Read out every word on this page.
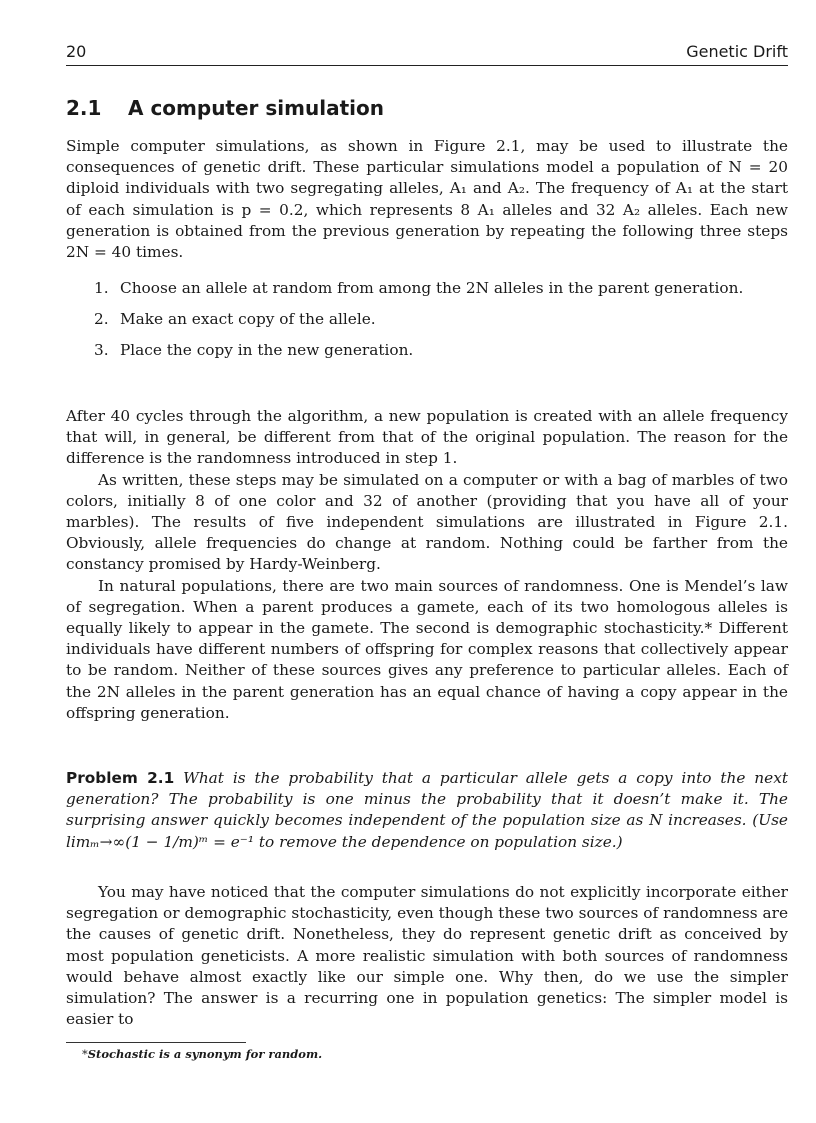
20	Genetic Drift
2.1 A computer simulation

Simple computer simulations, as shown in Figure 2.1, may be used to illustrate the consequences of genetic drift. These particular simulations model a population of N = 20 diploid individuals with two segregating alleles, A₁ and A₂. The frequency of A₁ at the start of each simulation is p = 0.2, which represents 8 A₁ alleles and 32 A₂ alleles. Each new generation is obtained from the previous generation by repeating the following three steps 2N = 40 times.

1. Choose an allele at random from among the 2N alleles in the parent generation.
2. Make an exact copy of the allele.
3. Place the copy in the new generation.

After 40 cycles through the algorithm, a new population is created with an allele frequency that will, in general, be different from that of the original population. The reason for the difference is the randomness introduced in step 1.

As written, these steps may be simulated on a computer or with a bag of marbles of two colors, initially 8 of one color and 32 of another (providing that you have all of your marbles). The results of five independent simulations are illustrated in Figure 2.1. Obviously, allele frequencies do change at random. Nothing could be farther from the constancy promised by Hardy-Weinberg.

In natural populations, there are two main sources of randomness. One is Mendel’s law of segregation. When a parent produces a gamete, each of its two homologous alleles is equally likely to appear in the gamete. The second is demographic stochasticity.* Different individuals have different numbers of offspring for complex reasons that collectively appear to be random. Neither of these sources gives any preference to particular alleles. Each of the 2N alleles in the parent generation has an equal chance of having a copy appear in the offspring generation.

Problem 2.1 What is the probability that a particular allele gets a copy into the next generation? The probability is one minus the probability that it doesn’t make it. The surprising answer quickly becomes independent of the population size as N increases. (Use limₘ→∞(1 − 1/m)ᵐ = e⁻¹ to remove the dependence on population size.)

You may have noticed that the computer simulations do not explicitly incorporate either segregation or demographic stochasticity, even though these two sources of randomness are the causes of genetic drift. Nonetheless, they do represent genetic drift as conceived by most population geneticists. A more realistic simulation with both sources of randomness would behave almost exactly like our simple one. Why then, do we use the simpler simulation? The answer is a recurring one in population genetics: The simpler model is easier to

*Stochastic is a synonym for random.
